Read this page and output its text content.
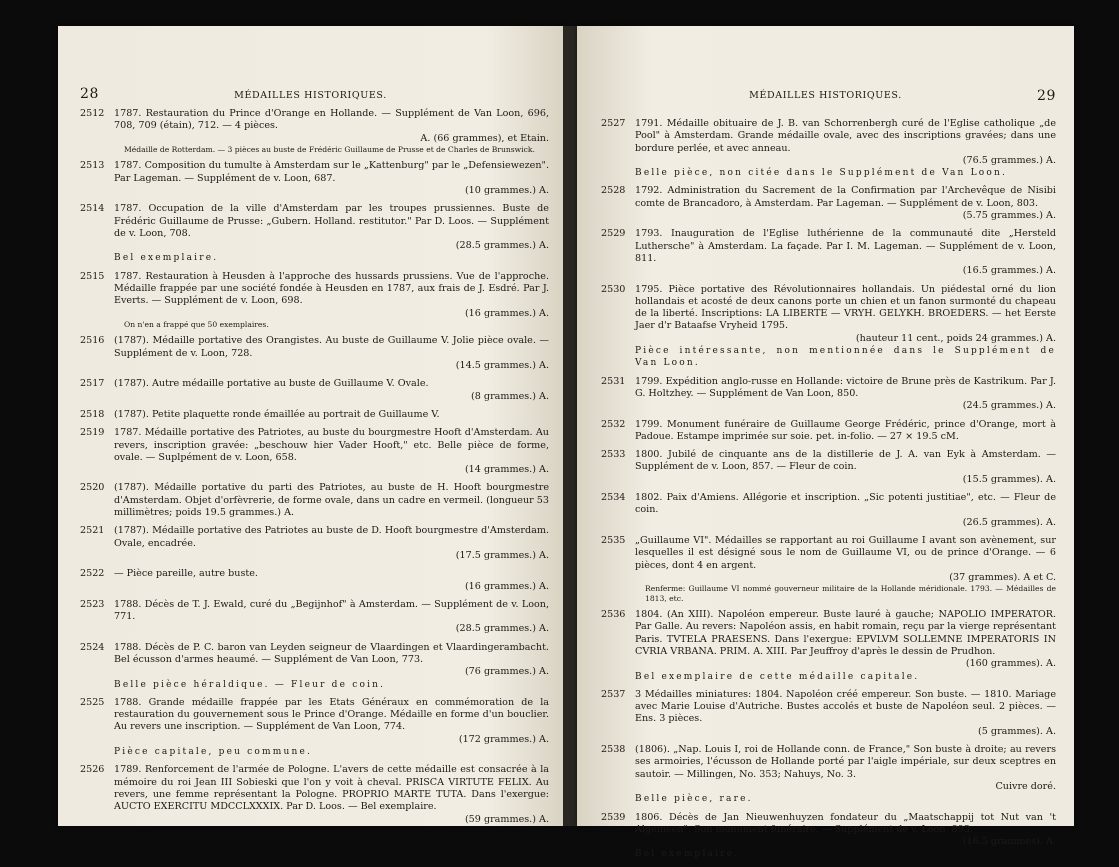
28	MÉDAILLES HISTORIQUES.
2512 1787. Restauration du Prince d'Orange en Hollande. — Supplément de Van Loon, 696, 708, 709 (étain), 712. — 4 pièces.
A. (66 grammes), et Etain.
Médaille de Rotterdam. — 3 pièces au buste de Frédéric Guillaume de Prusse et de Charles de Brunswick.
2513 1787. Composition du tumulte à Amsterdam sur le „Kattenburg" par le „Defensiewezen". Par Lageman. — Supplément de v. Loon, 687.
(10 grammes.) A.
2514 1787. Occupation de la ville d'Amsterdam par les troupes prussiennes. Buste de Frédéric Guillaume de Prusse: „Gubern. Holland. restitutor." Par D. Loos. — Supplément de v. Loon, 708.
(28.5 grammes.) A.
Bel exemplaire.
2515 1787. Restauration à Heusden à l'approche des hussards prussiens. Vue de l'approche. Médaille frappée par une société fondée à Heusden en 1787, aux frais de J. Esdré. Par J. Everts. — Supplément de v. Loon, 698.
(16 grammes.) A.
On n'en a frappé que 50 exemplaires.
2516 (1787). Médaille portative des Orangistes. Au buste de Guillaume V. Jolie pièce ovale. — Supplément de v. Loon, 728.
(14.5 grammes.) A.
2517 (1787). Autre médaille portative au buste de Guillaume V. Ovale.
(8 grammes.) A.
2518 (1787). Petite plaquette ronde émaillée au portrait de Guillaume V.
2519 1787. Médaille portative des Patriotes, au buste du bourgmestre Hooft d'Amsterdam. Au revers, inscription gravée: „beschouw hier Vader Hooft," etc. Belle pièce de forme, ovale. — Suplpément de v. Loon, 658.
(14 grammes.) A.
2520 (1787). Médaille portative du parti des Patriotes, au buste de H. Hooft bourgmestre d'Amsterdam. Objet d'orfèvrerie, de forme ovale, dans un cadre en vermeil. (longueur 53 millimètres; poids 19.5 grammes.) A.
2521 (1787). Médaille portative des Patriotes au buste de D. Hooft bourgmestre d'Amsterdam. Ovale, encadrée.
(17.5 grammes.) A.
2522 — Pièce pareille, autre buste.
(16 grammes.) A.
2523 1788. Décès de T. J. Ewald, curé du „Begijnhof" à Amsterdam. — Supplément de v. Loon, 771.
(28.5 grammes.) A.
2524 1788. Décès de P. C. baron van Leyden seigneur de Vlaardingen et Vlaardingerambacht. Bel écusson d'armes heaumé. — Supplément de Van Loon, 773.
(76 grammes.) A.
Belle pièce héraldique. — Fleur de coin.
2525 1788. Grande médaille frappée par les Etats Généraux en commémoration de la restauration du gouvernement sous le Prince d'Orange. Médaille en forme d'un bouclier. Au revers une inscription. — Supplément de Van Loon, 774.
(172 grammes.) A.
Pièce capitale, peu commune.
2526 1789. Renforcement de l'armée de Pologne. L'avers de cette médaille est consacrée à la mémoire du roi Jean III Sobieski que l'on y voit à cheval. PRISCA VIRTUTE FELIX. Au revers, une femme représentant la Pologne. PROPRIO MARTE TUTA. Dans l'exergue: AUCTO EXERCITU MDCCLXXXIX. Par D. Loos. — Bel exemplaire.
(59 grammes.) A.
MÉDAILLES HISTORIQUES.	29
2527 1791. Médaille obituaire de J. B. van Schorrenbergh curé de l'Eglise catholique „de Pool" à Amsterdam. Grande médaille ovale, avec des inscriptions gravées; dans une bordure perlée, et avec anneau.
(76.5 grammes.) A.
Belle pièce, non citée dans le Supplément de Van Loon.
2528 1792. Administration du Sacrement de la Confirmation par l'Archevêque de Nisibi comte de Brancadoro, à Amsterdam. Par Lageman. — Supplément de v. Loon, 803.
(5.75 grammes.) A.
2529 1793. Inauguration de l'Eglise luthérienne de la communauté dite „Hersteld Luthersche" à Amsterdam. La façade. Par I. M. Lageman. — Supplément de v. Loon, 811.
(16.5 grammes.) A.
2530 1795. Pièce portative des Révolutionnaires hollandais. Un piédestal orné du lion hollandais et acosté de deux canons porte un chien et un fanon surmonté du chapeau de la liberté. Inscriptions: LA LIBERTE — VRYH. GELYKH. BROEDERS. — het Eerste Jaer d'r Bataafse Vryheid 1795.
(hauteur 11 cent., poids 24 grammes.) A.
Pièce intéressante, non mentionnée dans le Supplément de Van Loon.
2531 1799. Expédition anglo-russe en Hollande: victoire de Brune près de Kastrikum. Par J. G. Holtzhey. — Supplément de Van Loon, 850.
(24.5 grammes.) A.
2532 1799. Monument funéraire de Guillaume George Frédéric, prince d'Orange, mort à Padoue. Estampe imprimée sur soie. pet. in-folio. — 27 × 19.5 cM.
2533 1800. Jubilé de cinquante ans de la distillerie de J. A. van Eyk à Amsterdam. — Supplément de v. Loon, 857. — Fleur de coin.
(15.5 grammes). A.
2534 1802. Paix d'Amiens. Allégorie et inscription. „Sic potenti justitiae", etc. — Fleur de coin.
(26.5 grammes). A.
2535 „Guillaume VI". Médailles se rapportant au roi Guillaume I avant son avènement, sur lesquelles il est désigné sous le nom de Guillaume VI, ou de prince d'Orange. — 6 pièces, dont 4 en argent.
(37 grammes). A et C.
Renferme: Guillaume VI nommé gouverneur militaire de la Hollande méridionale. 1793. — Médailles de 1813, etc.
2536 1804. (An XIII). Napoléon empereur. Buste lauré à gauche; NAPOLIO IMPERATOR. Par Galle. Au revers: Napoléon assis, en habit romain, reçu par la vierge représentant Paris. TVTELA PRAESENS. Dans l'exergue: EPVLVM SOLLEMNE IMPERATORIS IN CVRIA VRBANA. PRIM. A. XIII. Par Jeuffroy d'après le dessin de Prudhon.
(160 grammes). A.
Bel exemplaire de cette médaille capitale.
2537 3 Médailles miniatures: 1804. Napoléon créé empereur. Son buste. — 1810. Mariage avec Marie Louise d'Autriche. Bustes accolés et buste de Napoléon seul. 2 pièces. — Ens. 3 pièces.
(5 grammes). A.
2538 (1806). „Nap. Louis I, roi de Hollande conn. de France," Son buste à droite; au revers ses armoiries, l'écusson de Hollande porté par l'aigle impériale, sur deux sceptres en sautoir. — Millingen, No. 353; Nahuys, No. 3.
Cuivre doré.
Belle pièce, rare.
2539 1806. Décès de Jan Nieuwenhuyzen fondateur du „Maatschappij tot Nut van 't Algemeen". Son monument funéraire. — Supplément de v. Loon, 893.
(16.5 grammes). A.
Bel exemplaire.
